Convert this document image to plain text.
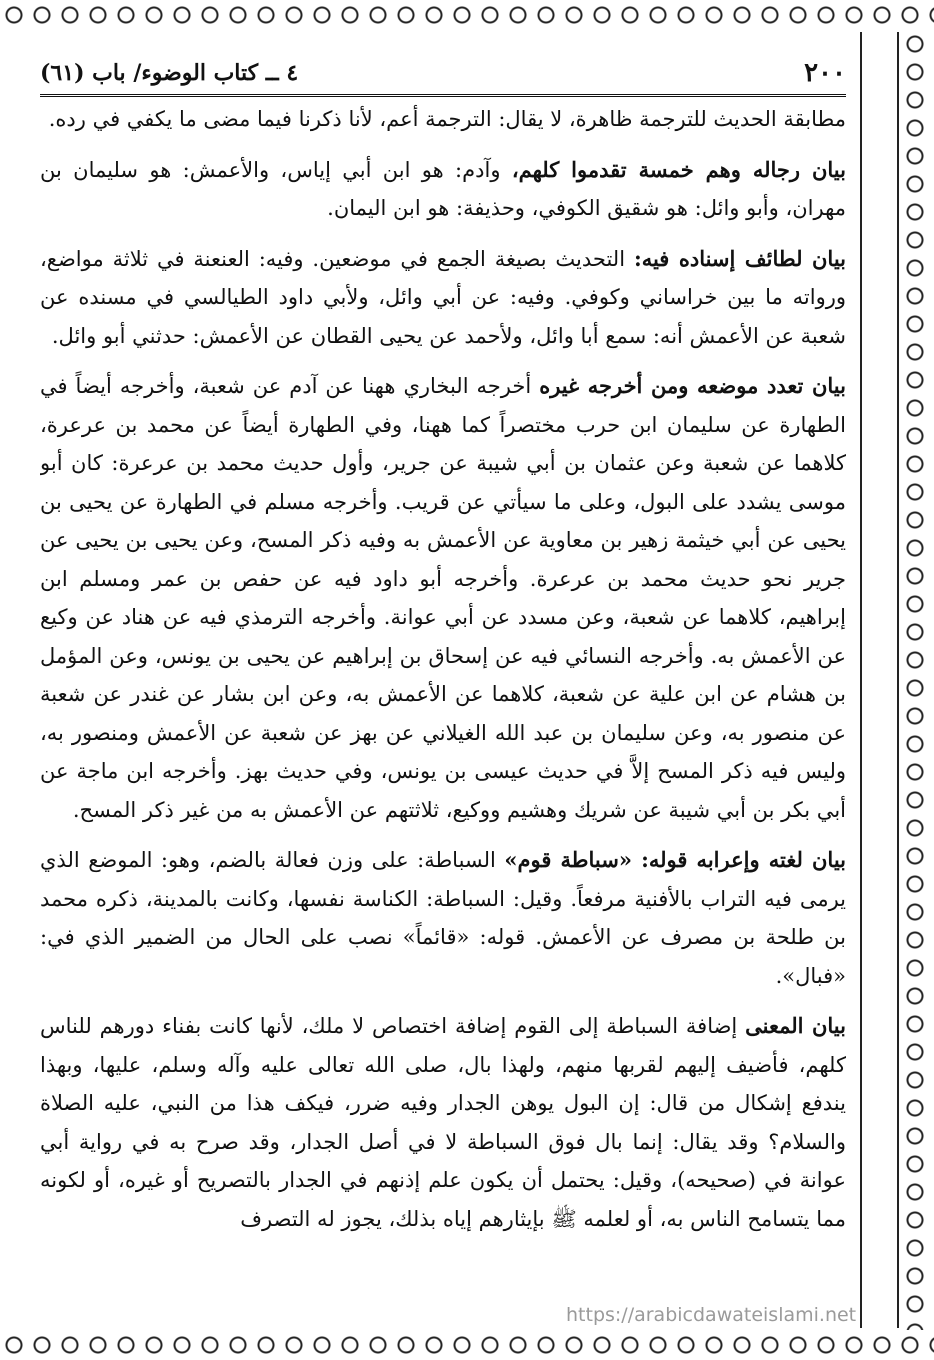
٢٠٠
٤ ــ كتاب الوضوء/ باب (٦١)

مطابقة الحديث للترجمة ظاهرة، لا يقال: الترجمة أعم، لأنا ذكرنا فيما مضى ما يكفي في رده.

بيان رجاله وهم خمسة تقدموا كلهم، وآدم: هو ابن أبي إياس، والأعمش: هو سليمان بن مهران، وأبو وائل: هو شقيق الكوفي، وحذيفة: هو ابن اليمان.

بيان لطائف إسناده فيه: التحديث بصيغة الجمع في موضعين. وفيه: العنعنة في ثلاثة مواضع، ورواته ما بين خراساني وكوفي. وفيه: عن أبي وائل، ولأبي داود الطيالسي في مسنده عن شعبة عن الأعمش أنه: سمع أبا وائل، ولأحمد عن يحيى القطان عن الأعمش: حدثني أبو وائل.

بيان تعدد موضعه ومن أخرجه غيره أخرجه البخاري ههنا عن آدم عن شعبة، وأخرجه أيضاً في الطهارة عن سليمان ابن حرب مختصراً كما ههنا، وفي الطهارة أيضاً عن محمد بن عرعرة، كلاهما عن شعبة وعن عثمان بن أبي شيبة عن جرير، وأول حديث محمد بن عرعرة: كان أبو موسى يشدد على البول، وعلى ما سيأتي عن قريب. وأخرجه مسلم في الطهارة عن يحيى بن يحيى عن أبي خيثمة زهير بن معاوية عن الأعمش به وفيه ذكر المسح، وعن يحيى بن يحيى عن جرير نحو حديث محمد بن عرعرة. وأخرجه أبو داود فيه عن حفص بن عمر ومسلم ابن إبراهيم، كلاهما عن شعبة، وعن مسدد عن أبي عوانة. وأخرجه الترمذي فيه عن هناد عن وكيع عن الأعمش به. وأخرجه النسائي فيه عن إسحاق بن إبراهيم عن يحيى بن يونس، وعن المؤمل بن هشام عن ابن علية عن شعبة، كلاهما عن الأعمش به، وعن ابن بشار عن غندر عن شعبة عن منصور به، وعن سليمان بن عبد الله الغيلاني عن بهز عن شعبة عن الأعمش ومنصور به، وليس فيه ذكر المسح إلاَّ في حديث عيسى بن يونس، وفي حديث بهز. وأخرجه ابن ماجة عن أبي بكر بن أبي شيبة عن شريك وهشيم ووكيع، ثلاثتهم عن الأعمش به من غير ذكر المسح.

بيان لغته وإعرابه قوله: «سباطة قوم» السباطة: على وزن فعالة بالضم، وهو: الموضع الذي يرمى فيه التراب بالأفنية مرفعاً. وقيل: السباطة: الكناسة نفسها، وكانت بالمدينة، ذكره محمد بن طلحة بن مصرف عن الأعمش. قوله: «قائماً» نصب على الحال من الضمير الذي في: «فبال».

بيان المعنى إضافة السباطة إلى القوم إضافة اختصاص لا ملك، لأنها كانت بفناء دورهم للناس كلهم، فأضيف إليهم لقربها منهم، ولهذا بال، صلى الله تعالى عليه وآله وسلم، عليها، وبهذا يندفع إشكال من قال: إن البول يوهن الجدار وفيه ضرر، فيكف هذا من النبي، عليه الصلاة والسلام؟ وقد يقال: إنما بال فوق السباطة لا في أصل الجدار، وقد صرح به في رواية أبي عوانة في (صحيحه)، وقيل: يحتمل أن يكون علم إذنهم في الجدار بالتصريح أو غيره، أو لكونه مما يتسامح الناس به، أو لعلمه ﷺ بإيثارهم إياه بذلك، يجوز له التصرف

https://arabicdawateislami.net
